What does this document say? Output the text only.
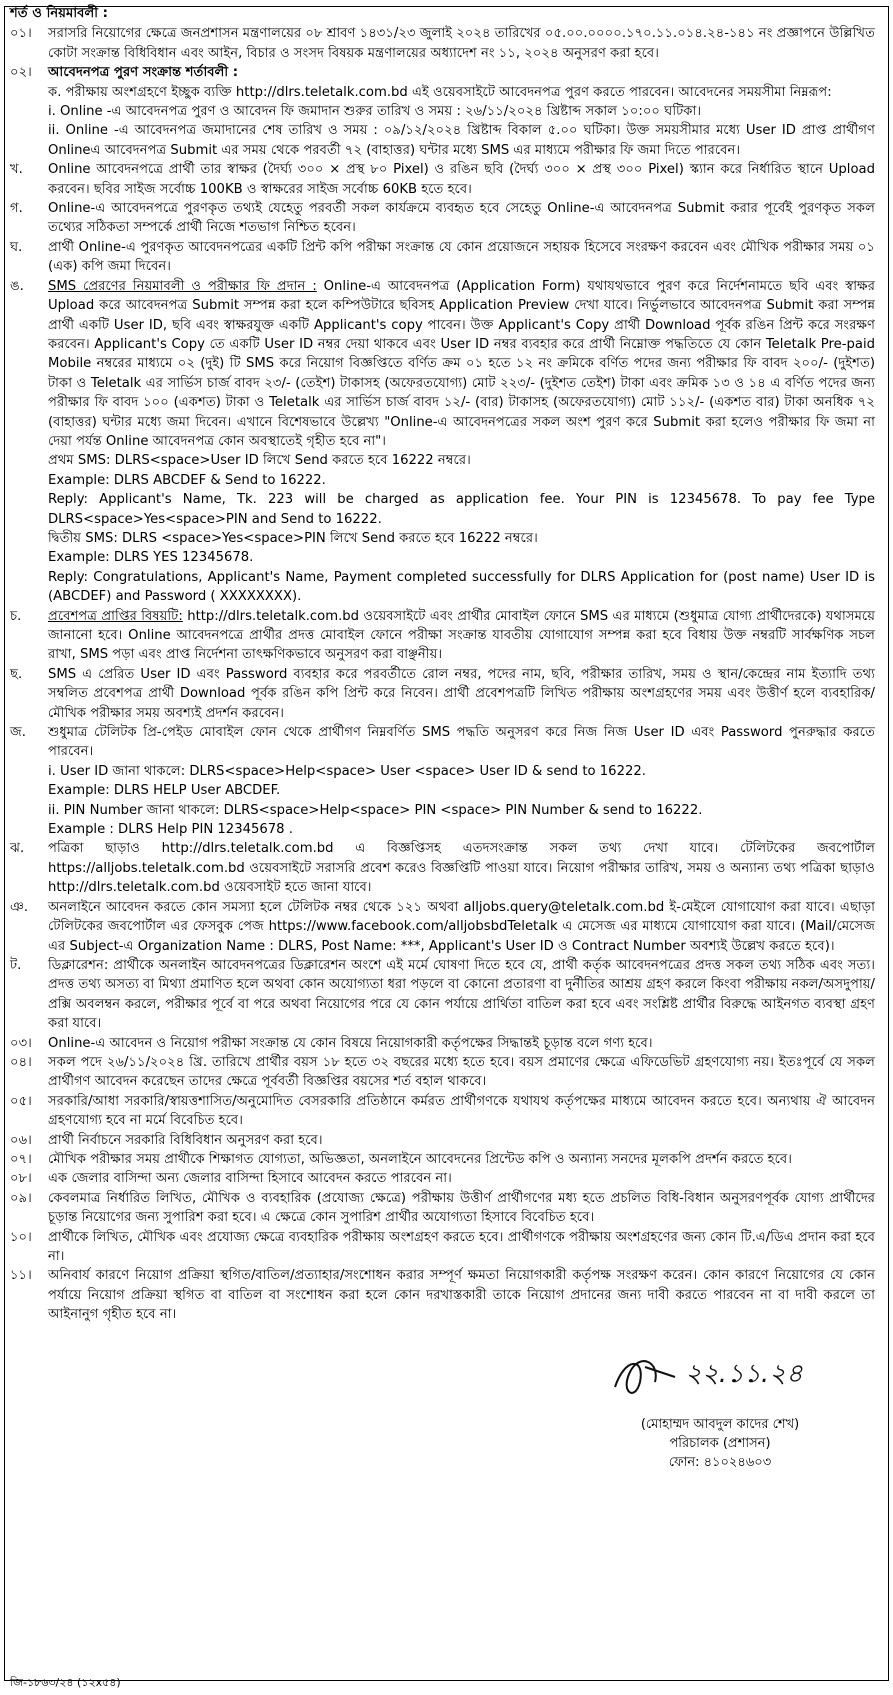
শর্ত ও নিয়মাবলী :
০১।	সরাসরি নিয়োগের ক্ষেত্রে জনপ্রশাসন মন্ত্রণালয়ের ০৮ শ্রাবণ ১৪৩১/২৩ জুলাই ২০২৪ তারিখের ০৫.০০.০০০০.১৭০.১১.০১৪.২৪-১৪১ নং প্রজ্ঞাপনে উল্লিখিত কোটা সংক্রান্ত বিধিবিধান এবং আইন, বিচার ও সংসদ বিষয়ক মন্ত্রণালয়ের অধ্যাদেশ নং ১১, ২০২৪ অনুসরণ করা হবে।
০২।	আবেদনপত্র পুরণ সংক্রান্ত শর্তাবলী :
ক. পরীক্ষায় অংশগ্রহণে ইচ্ছুক ব্যক্তি http://dlrs.teletalk.com.bd এই ওয়েবসাইটে আবেদনপত্র পুরণ করতে পারবেন। আবেদনের সময়সীমা নিম্নরূপ:
i. Online -এ আবেদনপত্র পুরণ ও আবেদন ফি জমাদান শুরুর তারিখ ও সময় : ২৬/১১/২০২৪ খ্রিষ্টাব্দ সকাল ১০:০০ ঘটিকা।
ii. Online -এ আবেদনপত্র জমাদানের শেষ তারিখ ও সময় : ০৯/১২/২০২৪ খ্রিষ্টাব্দ বিকাল ৫.০০ ঘটিকা। উক্ত সময়সীমার মধ্যে User ID প্রাপ্ত প্রার্থীগণ Onlineএ আবেদনপত্র Submit এর সময় থেকে পরবর্তী ৭২ (বাহাত্তর) ঘন্টার মধ্যে SMS এর মাধ্যমে পরীক্ষার ফি জমা দিতে পারবেন।
খ.	Online আবেদনপত্রে প্রার্থী তার স্বাক্ষর (দৈর্ঘ্য ৩০০ × প্রস্থ ৮০ Pixel) ও রঙিন ছবি (দৈর্ঘ্য ৩০০ × প্রস্থ ৩০০ Pixel) স্ক্যান করে নির্ধারিত স্থানে Upload করবেন। ছবির সাইজ সর্বোচ্চ 100KB ও স্বাক্ষরের সাইজ সর্বোচ্চ 60KB হতে হবে।
গ.	Online-এ আবেদনপত্রে পুরণকৃত তথ্যই যেহেতু পরবর্তী সকল কার্যক্রমে ব্যবহৃত হবে সেহেতু Online-এ আবেদনপত্র Submit করার পূর্বেই পুরণকৃত সকল তথ্যের সঠিকতা সম্পর্কে প্রার্থী নিজে শতভাগ নিশ্চিত হবেন।
ঘ.	প্রার্থী Online-এ পুরণকৃত আবেদনপত্রের একটি প্রিন্ট কপি পরীক্ষা সংক্রান্ত যে কোন প্রয়োজনে সহায়ক হিসেবে সংরক্ষণ করবেন এবং মৌখিক পরীক্ষার সময় ০১ (এক) কপি জমা দিবেন।
ঙ.	SMS প্রেরণের নিয়মাবলী ও পরীক্ষার ফি প্রদান : Online-এ আবেদনপত্র (Application Form) যথাযথভাবে পুরণ করে নির্দেশনামতে ছবি এবং স্বাক্ষর Upload করে আবেদনপত্র Submit সম্পন্ন করা হলে কম্পিউটারে ছবিসহ Application Preview দেখা যাবে। নির্ভুলভাবে আবেদনপত্র Submit করা সম্পন্ন প্রার্থী একটি User ID, ছবি এবং স্বাক্ষরযুক্ত একটি Applicant's copy পাবেন। উক্ত Applicant's Copy প্রার্থী Download পূর্বক রঙিন প্রিন্ট করে সংরক্ষণ করবেন। Applicant's Copy তে একটি User ID নম্বর দেয়া থাকবে এবং User ID নম্বর ব্যবহার করে প্রার্থী নিম্নোক্ত পদ্ধতিতে যে কোন Teletalk Pre-paid Mobile নম্বরের মাধ্যমে ০২ (দুই) টি SMS করে নিয়োগ বিজ্ঞপ্তিতে বর্ণিত ক্রম ০১ হতে ১২ নং ক্রমিকে বর্ণিত পদের জন্য পরীক্ষার ফি বাবদ ২০০/- (দুইশত) টাকা ও Teletalk এর সার্ভিস চার্জ বাবদ ২৩/- (তেইশ) টাকাসহ (অফেরতযোগ্য) মোট ২২৩/- (দুইশত তেইশ) টাকা এবং ক্রমিক ১৩ ও ১৪ এ বর্ণিত পদের জন্য পরীক্ষার ফি বাবদ ১০০ (একশত) টাকা ও Teletalk এর সার্ভিস চার্জ বাবদ ১২/- (বার) টাকাসহ (অফেরতযোগ্য) মোট ১১২/- (একশত বার) টাকা অনধিক ৭২ (বাহাত্তর) ঘন্টার মধ্যে জমা দিবেন। এখানে বিশেষভাবে উল্লেখ্য "Online-এ আবেদনপত্রের সকল অংশ পুরণ করে Submit করা হলেও পরীক্ষার ফি জমা না দেয়া পর্যন্ত Online আবেদনপত্র কোন অবস্থাতেই গৃহীত হবে না"।
প্রথম SMS: DLRS<space>User ID লিখে Send করতে হবে 16222 নম্বরে।
Example: DLRS ABCDEF & Send to 16222.
Reply: Applicant's Name, Tk. 223 will be charged as application fee. Your PIN is 12345678. To pay fee Type DLRS<space>Yes<space>PIN and Send to 16222.
দ্বিতীয় SMS: DLRS <space>Yes<space>PIN লিখে Send করতে হবে 16222 নম্বরে।
Example: DLRS YES 12345678.
Reply: Congratulations, Applicant's Name, Payment completed successfully for DLRS Application for (post name) User ID is (ABCDEF) and Password ( XXXXXXXX).
চ.	প্রবেশপত্র প্রাপ্তির বিষয়টি: http://dlrs.teletalk.com.bd ওয়েবসাইটে এবং প্রার্থীর মোবাইল ফোনে SMS এর মাধ্যমে (শুধুমাত্র যোগ্য প্রার্থীদেরকে) যথাসময়ে জানানো হবে। Online আবেদনপত্রে প্রার্থীর প্রদত্ত মোবাইল ফোনে পরীক্ষা সংক্রান্ত যাবতীয় যোগাযোগ সম্পন্ন করা হবে বিধায় উক্ত নম্বরটি সার্বক্ষণিক সচল রাখা, SMS পড়া এবং প্রাপ্ত নির্দেশনা তাৎক্ষণিকভাবে অনুসরণ করা বাঞ্ছনীয়।
ছ.	SMS এ প্রেরিত User ID এবং Password ব্যবহার করে পরবর্তীতে রোল নম্বর, পদের নাম, ছবি, পরীক্ষার তারিখ, সময় ও স্থান/কেন্দ্রের নাম ইত্যাদি তথ্য সম্বলিত প্রবেশপত্র প্রার্থী Download পূর্বক রঙিন কপি প্রিন্ট করে নিবেন। প্রার্থী প্রবেশপত্রটি লিখিত পরীক্ষায় অংশগ্রহণের সময় এবং উত্তীর্ণ হলে ব্যবহারিক/মৌখিক পরীক্ষার সময় অবশ্যই প্রদর্শন করবেন।
জ.	শুধুমাত্র টেলিটক প্রি-পেইড মোবাইল ফোন থেকে প্রার্থীগণ নিম্নবর্ণিত SMS পদ্ধতি অনুসরণ করে নিজ নিজ User ID এবং Password পুনরুদ্ধার করতে পারবেন।
i. User ID জানা থাকলে: DLRS<space>Help<space> User <space> User ID & send to 16222.
Example: DLRS HELP User ABCDEF.
ii. PIN Number জানা থাকলে: DLRS<space>Help<space> PIN <space> PIN Number & send to 16222.
Example : DLRS Help PIN 12345678 .
ঝ.	পত্রিকা ছাড়াও http://dlrs.teletalk.com.bd এ বিজ্ঞপ্তিসহ এতদসংক্রান্ত সকল তথ্য দেখা যাবে। টেলিটকের জবপোর্টাল https://alljobs.teletalk.com.bd ওয়েবসাইটে সরাসরি প্রবেশ করেও বিজ্ঞপ্তিটি পাওয়া যাবে। নিয়োগ পরীক্ষার তারিখ, সময় ও অন্যান্য তথ্য পত্রিকা ছাড়াও http://dlrs.teletalk.com.bd ওয়েবসাইট হতে জানা যাবে।
ঞ.	অনলাইনে আবেদন করতে কোন সমস্যা হলে টেলিটক নম্বর থেকে ১২১ অথবা alljobs.query@teletalk.com.bd ই-মেইলে যোগাযোগ করা যাবে। এছাড়া টেলিটকের জবপোর্টাল এর ফেসবুক পেজ https://www.facebook.com/alljobsbdTeletalk এ মেসেজ এর মাধ্যমে যোগাযোগ করা যাবে। (Mail/মেসেজ এর Subject-এ Organization Name : DLRS, Post Name: ***, Applicant's User ID ও Contract Number অবশ্যই উল্লেখ করতে হবে)।
ট.	ডিক্লারেশন: প্রার্থীকে অনলাইন আবেদনপত্রের ডিক্লারেশন অংশে এই মর্মে ঘোষণা দিতে হবে যে, প্রার্থী কর্তৃক আবেদনপত্রের প্রদত্ত সকল তথ্য সঠিক এবং সত্য। প্রদত্ত তথ্য অসত্য বা মিথ্যা প্রমাণিত হলে অথবা কোন অযোগ্যতা ধরা পড়লে বা কোনো প্রতারণা বা দুর্নীতির আশ্রয় গ্রহণ করলে কিংবা পরীক্ষায় নকল/অসদুপায়/প্রক্সি অবলম্বন করলে, পরীক্ষার পূর্বে বা পরে অথবা নিয়োগের পরে যে কোন পর্যায়ে প্রার্থিতা বাতিল করা হবে এবং সংশ্লিষ্ট প্রার্থীর বিরুদ্ধে আইনগত ব্যবস্থা গ্রহণ করা যাবে।
০৩।	Online-এ আবেদন ও নিয়োগ পরীক্ষা সংক্রান্ত যে কোন বিষয়ে নিয়োগকারী কর্তৃপক্ষের সিদ্ধান্তই চূড়ান্ত বলে গণ্য হবে।
০৪।	সকল পদে ২৬/১১/২০২৪ খ্রি. তারিখে প্রার্থীর বয়স ১৮ হতে ৩২ বছরের মধ্যে হতে হবে। বয়স প্রমাণের ক্ষেত্রে এফিডেভিট গ্রহণযোগ্য নয়। ইতঃপূর্বে যে সকল প্রার্থীগণ আবেদন করেছেন তাদের ক্ষেত্রে পূর্ববর্তী বিজ্ঞপ্তির বয়সের শর্ত বহাল থাকবে।
০৫।	সরকারি/আধা সরকারি/স্বায়ত্তশাসিত/অনুমোদিত বেসরকারি প্রতিষ্ঠানে কর্মরত প্রার্থীগণকে যথাযথ কর্তৃপক্ষের মাধ্যমে আবেদন করতে হবে। অন্যথায় ঐ আবেদন গ্রহণযোগ্য হবে না মর্মে বিবেচিত হবে।
০৬।	প্রার্থী নির্বাচনে সরকারি বিধিবিধান অনুসরণ করা হবে।
০৭।	মৌখিক পরীক্ষার সময় প্রার্থীকে শিক্ষাগত যোগ্যতা, অভিজ্ঞতা, অনলাইনে আবেদনের প্রিন্টেড কপি ও অন্যান্য সনদের মূলকপি প্রদর্শন করতে হবে।
০৮।	এক জেলার বাসিন্দা অন্য জেলার বাসিন্দা হিসাবে আবেদন করতে পারবেন না।
০৯।	কেবলমাত্র নির্ধারিত লিখিত, মৌখিক ও ব্যবহারিক (প্রযোজ্য ক্ষেত্রে) পরীক্ষায় উত্তীর্ণ প্রার্থীগণের মধ্য হতে প্রচলিত বিধি-বিধান অনুসরণপূর্বক যোগ্য প্রার্থীদের চূড়ান্ত নিয়োগের জন্য সুপারিশ করা হবে। এ ক্ষেত্রে কোন সুপারিশ প্রার্থীর অযোগ্যতা হিসাবে বিবেচিত হবে।
১০।	প্রার্থীকে লিখিত, মৌখিক এবং প্রযোজ্য ক্ষেত্রে ব্যবহারিক পরীক্ষায় অংশগ্রহণ করতে হবে। প্রার্থীগণকে পরীক্ষায় অংশগ্রহণের জন্য কোন টি.এ/ডিএ প্রদান করা হবে না।
১১।	অনিবার্য কারণে নিয়োগ প্রক্রিয়া স্থগিত/বাতিল/প্রত্যাহার/সংশোধন করার সম্পূর্ণ ক্ষমতা নিয়োগকারী কর্তৃপক্ষ সংরক্ষণ করেন। কোন কারণে নিয়োগের যে কোন পর্যায়ে নিয়োগ প্রক্রিয়া স্থগিত বা বাতিল বা সংশোধন করা হলে কোন দরখাস্তকারী তাকে নিয়োগ প্রদানের জন্য দাবী করতে পারবেন না বা দাবী করলে তা আইনানুগ গৃহীত হবে না।
২২.১১.২৪
(মোহাম্মদ আবদুল কাদের শেখ)
পরিচালক (প্রশাসন)
ফোন: ৪১০২৪৬০৩
জি-১৮৬৩/২৪ (১২x৫৪)
